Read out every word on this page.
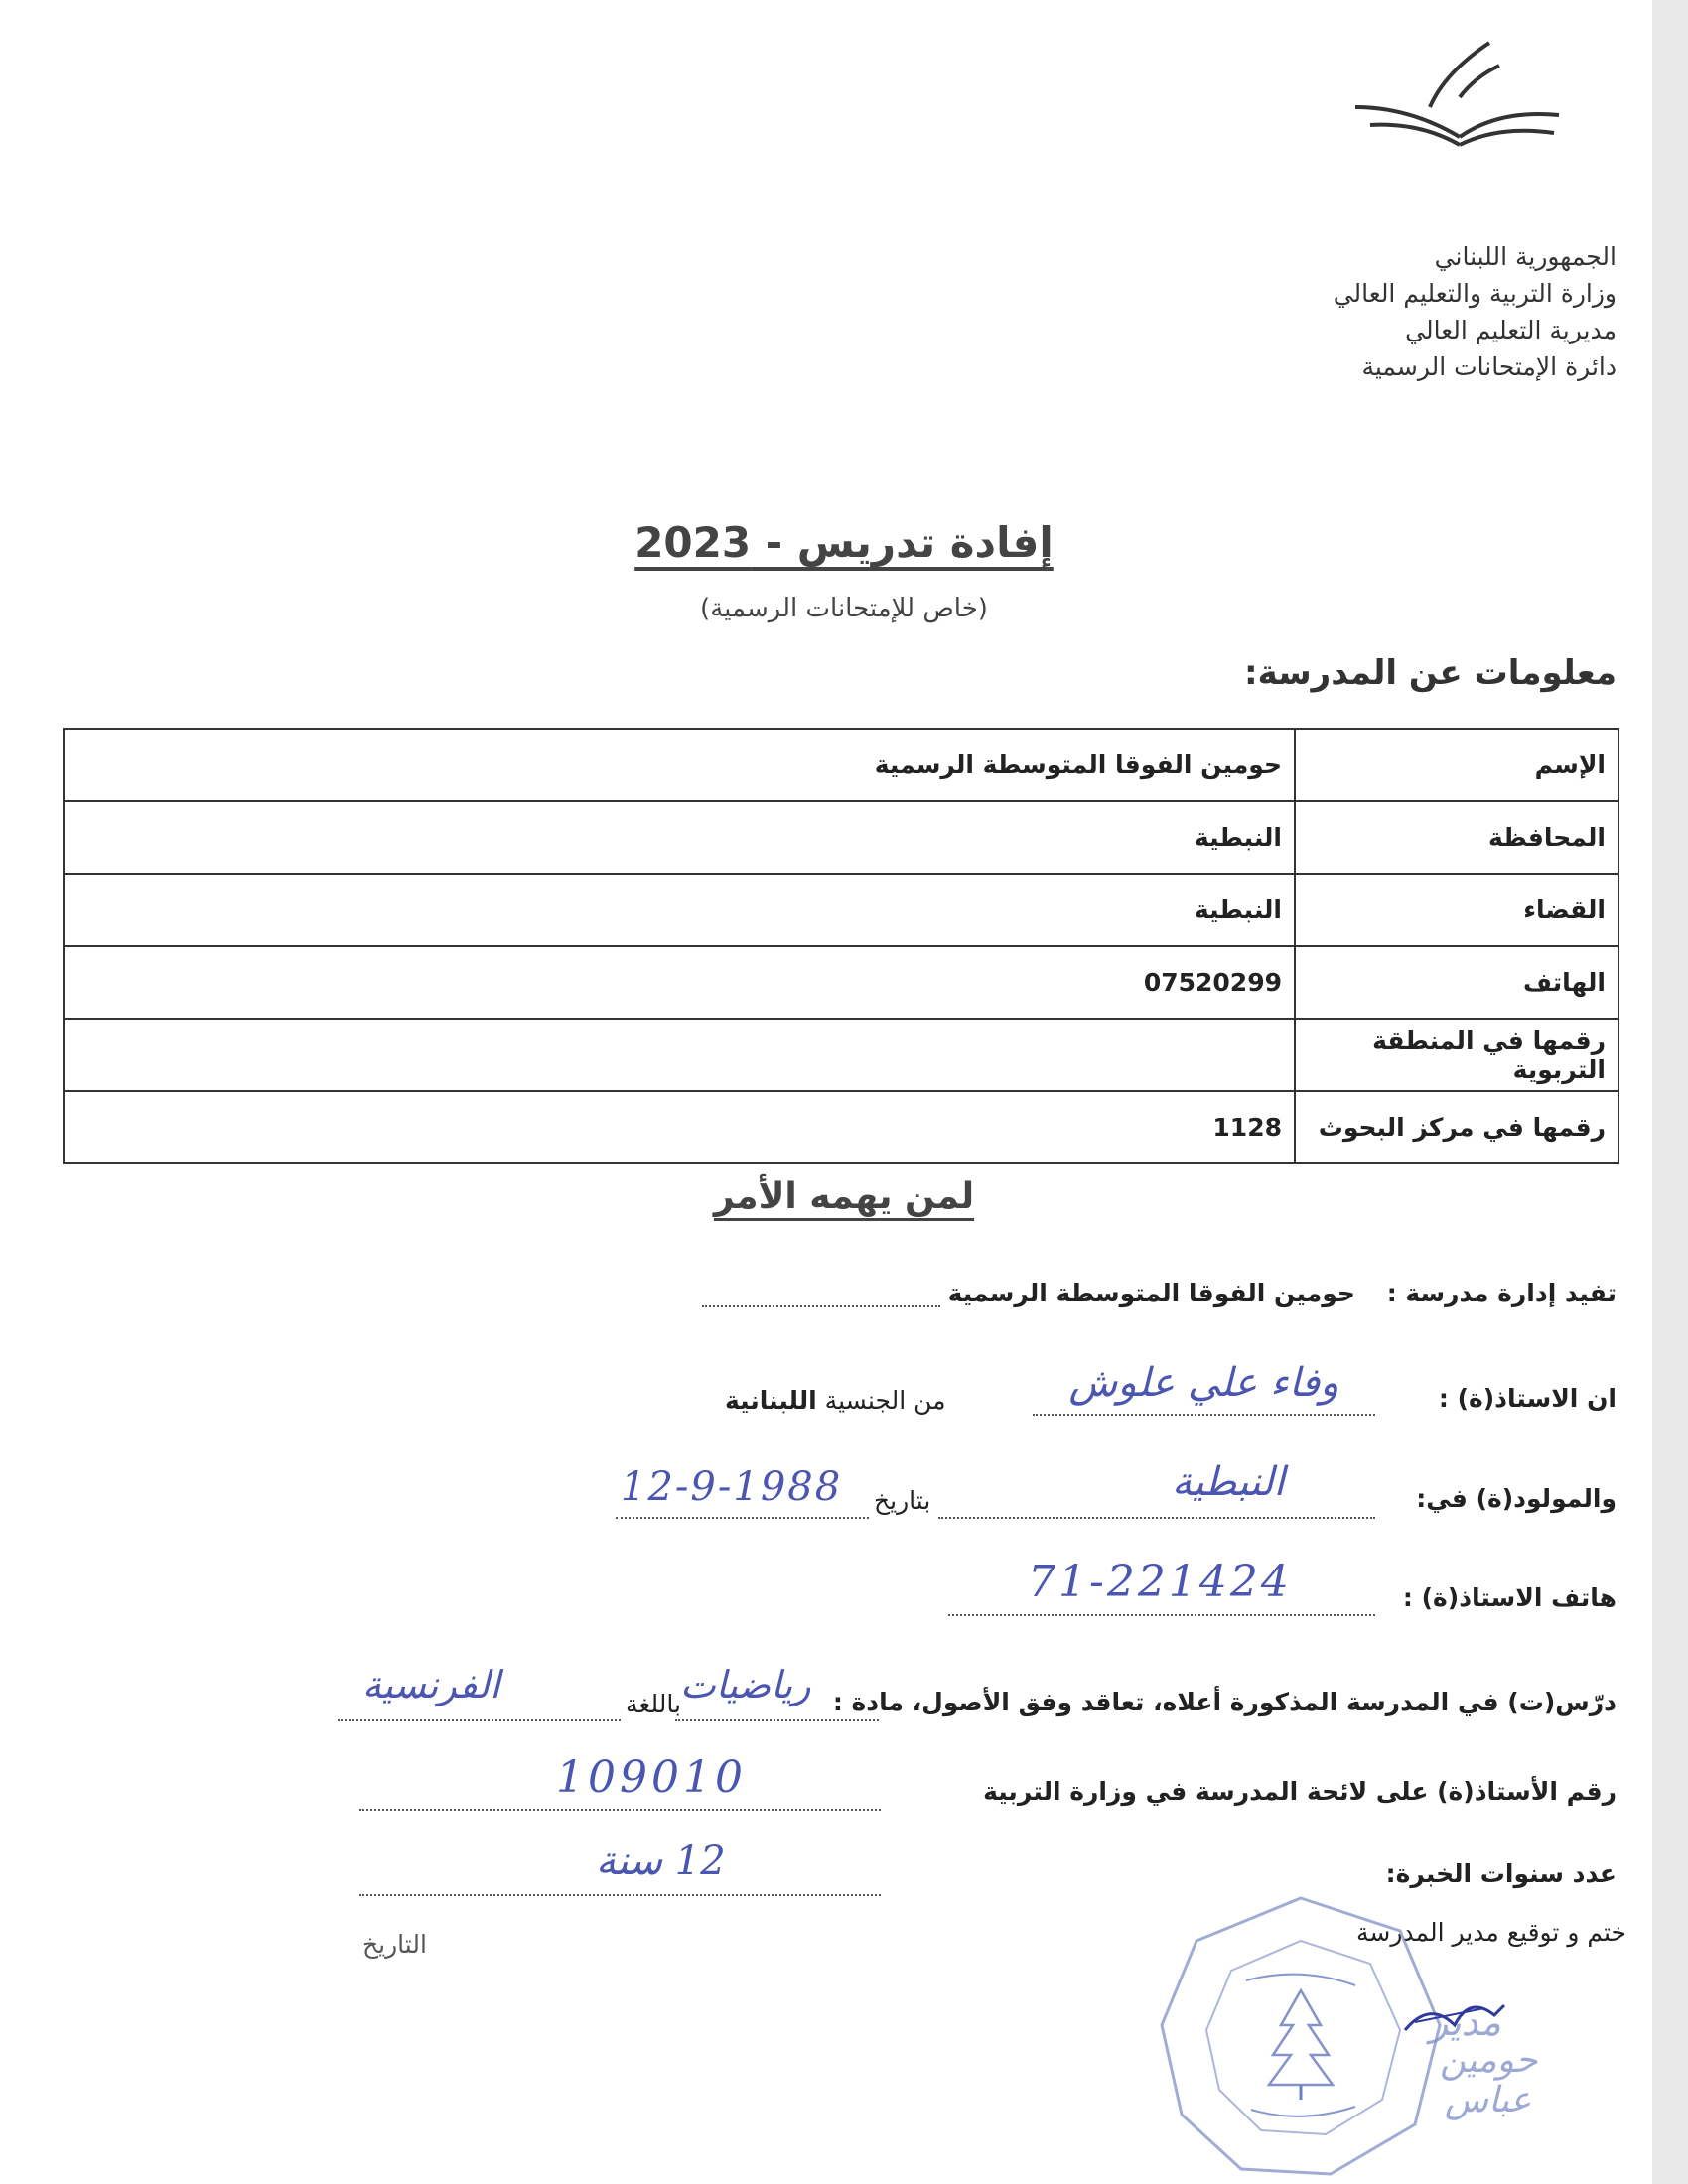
الجمهورية اللبناني
وزارة التربية والتعليم العالي
مديرية التعليم العالي
دائرة الإمتحانات الرسمية
إفادة تدريس - 2023
(خاص للإمتحانات الرسمية)
معلومات عن المدرسة:
الإسم	حومين الفوقا المتوسطة الرسمية
المحافظة	النبطية
القضاء	النبطية
الهاتف	07520299
رقمها في المنطقة التربوية	
رقمها في مركز البحوث	1128
لمن يهمه الأمر
تفيد إدارة مدرسة :    حومين الفوقا المتوسطة الرسمية
ان الاستاذ(ة) :
وفاء علي علوش
من الجنسية اللبنانية
والمولود(ة) في:
النبطية
بتاريخ
12-9-1988
هاتف الاستاذ(ة) :
71-221424
درّس(ت) في المدرسة المذكورة أعلاه، تعاقد وفق الأصول، مادة :
رياضيات
باللغة
الفرنسية
رقم الأستاذ(ة) على لائحة المدرسة في وزارة التربية
109010
عدد سنوات الخبرة:
12 سنة
ختم و توقيع مدير المدرسة
التاريخ
مدير
حومين
عباس
